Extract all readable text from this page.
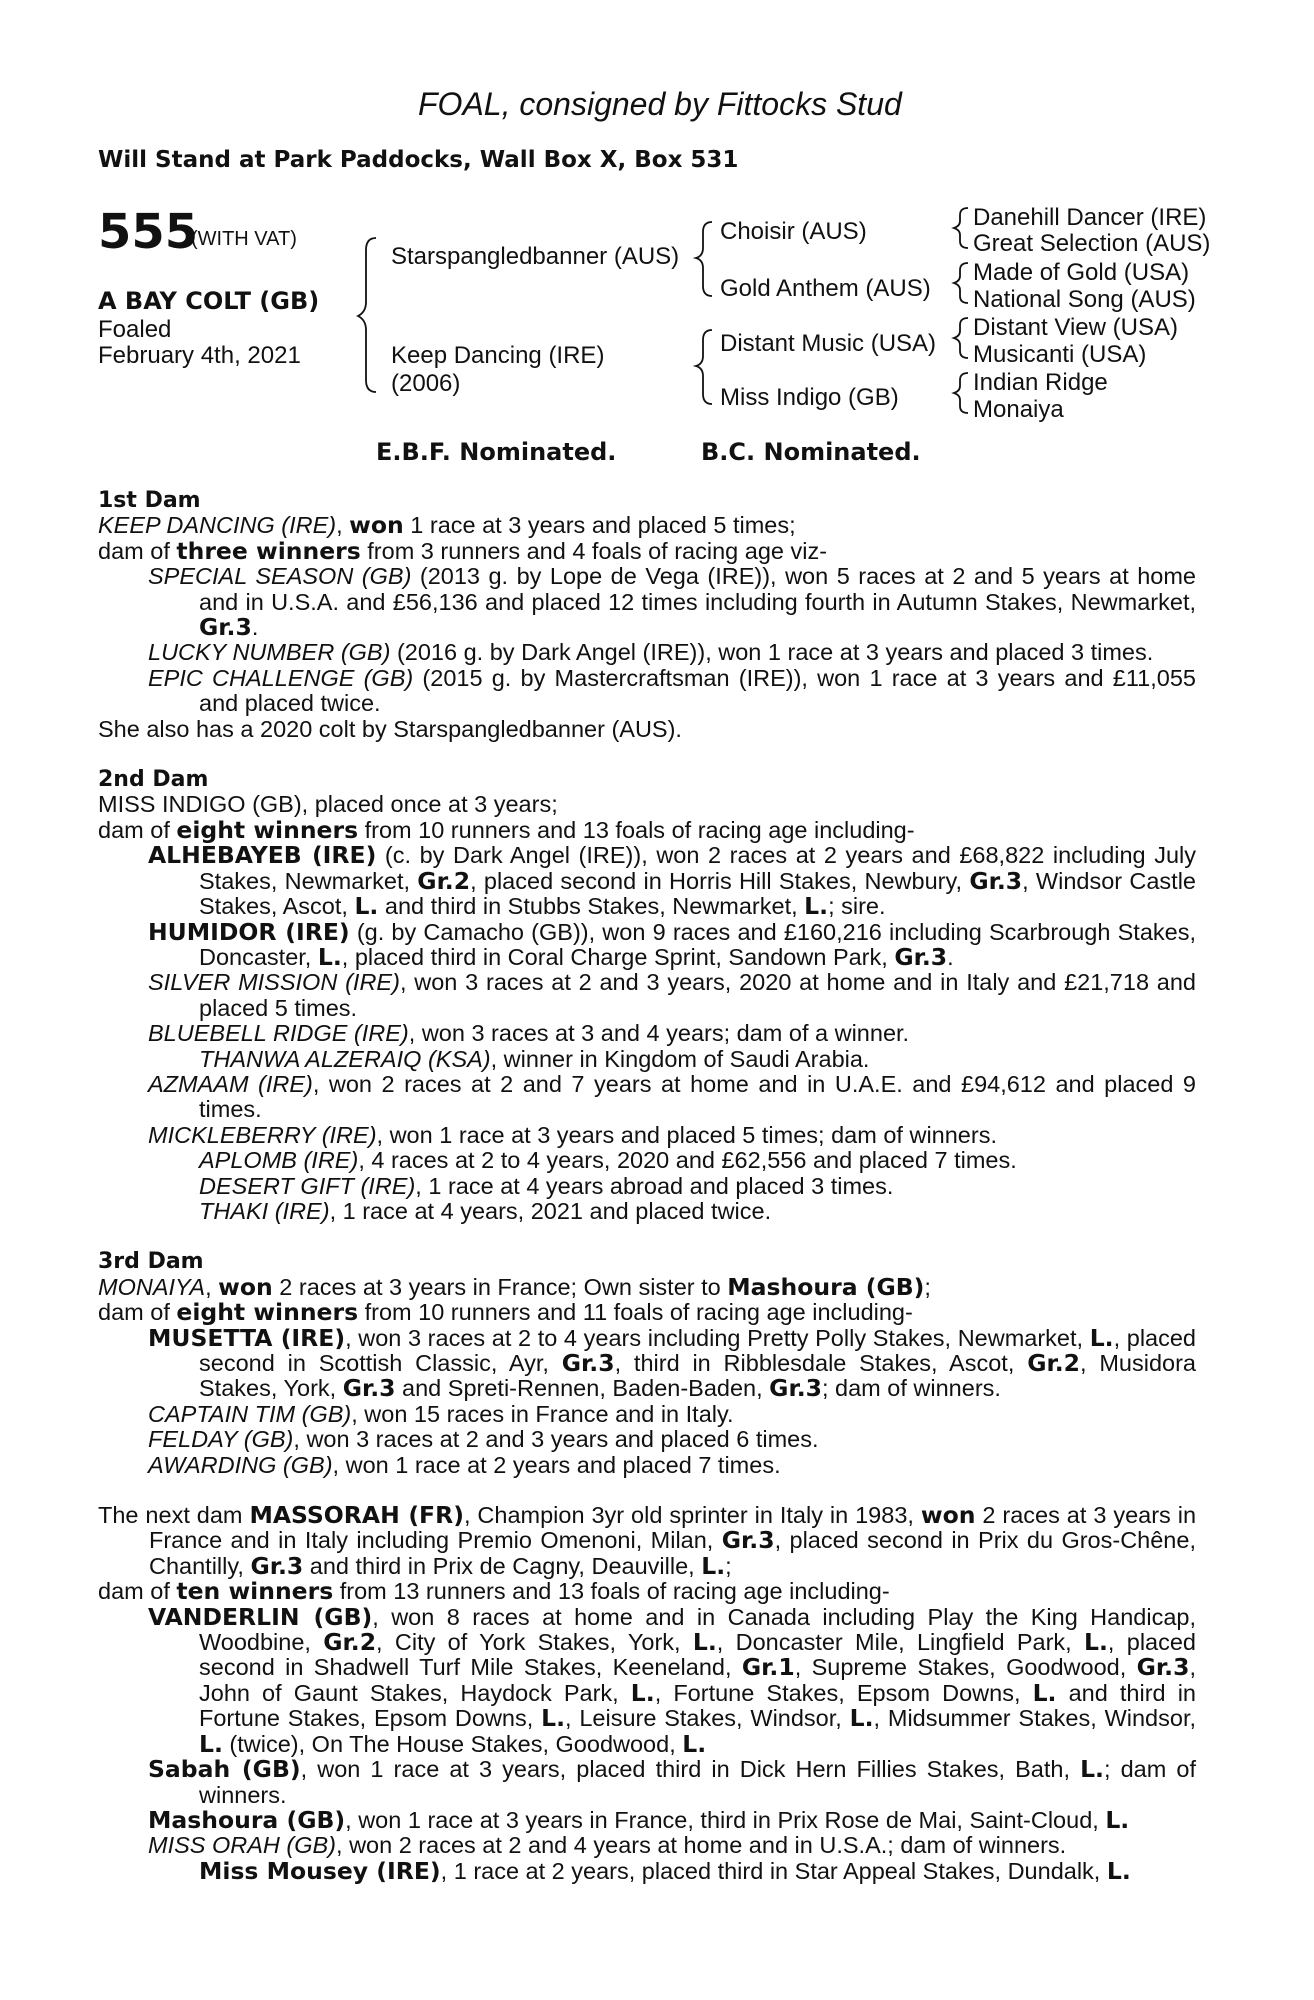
FOAL, consigned by Fittocks Stud
Will Stand at Park Paddocks, Wall Box X, Box 531
555
(WITH VAT)
A BAY COLT (GB)
Foaled
February 4th, 2021
Starspangledbanner (AUS)
Keep Dancing (IRE)
(2006)
Choisir (AUS)
Gold Anthem (AUS)
Distant Music (USA)
Miss Indigo (GB)
Danehill Dancer (IRE)
Great Selection (AUS)
Made of Gold (USA)
National Song (AUS)
Distant View (USA)
Musicanti (USA)
Indian Ridge
Monaiya
E.B.F. Nominated.	B.C. Nominated.

1st Dam

KEEP DANCING (IRE), won 1 race at 3 years and placed 5 times;

dam of three winners from 3 runners and 4 foals of racing age viz-

SPECIAL SEASON (GB) (2013 g. by Lope de Vega (IRE)), won 5 races at 2 and 5 years at home and in U.S.A. and £56,136 and placed 12 times including fourth in Autumn Stakes, Newmarket, Gr.3.

LUCKY NUMBER (GB) (2016 g. by Dark Angel (IRE)), won 1 race at 3 years and placed 3 times.

EPIC CHALLENGE (GB) (2015 g. by Mastercraftsman (IRE)), won 1 race at 3 years and £11,055 and placed twice.

She also has a 2020 colt by Starspangledbanner (AUS).

2nd Dam

MISS INDIGO (GB), placed once at 3 years;

dam of eight winners from 10 runners and 13 foals of racing age including-

ALHEBAYEB (IRE) (c. by Dark Angel (IRE)), won 2 races at 2 years and £68,822 including July Stakes, Newmarket, Gr.2, placed second in Horris Hill Stakes, Newbury, Gr.3, Windsor Castle Stakes, Ascot, L. and third in Stubbs Stakes, Newmarket, L.; sire.

HUMIDOR (IRE) (g. by Camacho (GB)), won 9 races and £160,216 including Scarbrough Stakes, Doncaster, L., placed third in Coral Charge Sprint, Sandown Park, Gr.3.

SILVER MISSION (IRE), won 3 races at 2 and 3 years, 2020 at home and in Italy and £21,718 and placed 5 times.

BLUEBELL RIDGE (IRE), won 3 races at 3 and 4 years; dam of a winner.

THANWA ALZERAIQ (KSA), winner in Kingdom of Saudi Arabia.

AZMAAM (IRE), won 2 races at 2 and 7 years at home and in U.A.E. and £94,612 and placed 9 times.

MICKLEBERRY (IRE), won 1 race at 3 years and placed 5 times; dam of winners.

APLOMB (IRE), 4 races at 2 to 4 years, 2020 and £62,556 and placed 7 times.

DESERT GIFT (IRE), 1 race at 4 years abroad and placed 3 times.

THAKI (IRE), 1 race at 4 years, 2021 and placed twice.

3rd Dam

MONAIYA, won 2 races at 3 years in France; Own sister to Mashoura (GB);

dam of eight winners from 10 runners and 11 foals of racing age including-

MUSETTA (IRE), won 3 races at 2 to 4 years including Pretty Polly Stakes, Newmarket, L., placed second in Scottish Classic, Ayr, Gr.3, third in Ribblesdale Stakes, Ascot, Gr.2, Musidora Stakes, York, Gr.3 and Spreti-Rennen, Baden-Baden, Gr.3; dam of winners.

CAPTAIN TIM (GB), won 15 races in France and in Italy.

FELDAY (GB), won 3 races at 2 and 3 years and placed 6 times.

AWARDING (GB), won 1 race at 2 years and placed 7 times.

The next dam MASSORAH (FR), Champion 3yr old sprinter in Italy in 1983, won 2 races at 3 years in France and in Italy including Premio Omenoni, Milan, Gr.3, placed second in Prix du Gros-Chêne, Chantilly, Gr.3 and third in Prix de Cagny, Deauville, L.;

dam of ten winners from 13 runners and 13 foals of racing age including-

VANDERLIN (GB), won 8 races at home and in Canada including Play the King Handicap, Woodbine, Gr.2, City of York Stakes, York, L., Doncaster Mile, Lingfield Park, L., placed second in Shadwell Turf Mile Stakes, Keeneland, Gr.1, Supreme Stakes, Goodwood, Gr.3, John of Gaunt Stakes, Haydock Park, L., Fortune Stakes, Epsom Downs, L. and third in Fortune Stakes, Epsom Downs, L., Leisure Stakes, Windsor, L., Midsummer Stakes, Windsor, L. (twice), On The House Stakes, Goodwood, L.

Sabah (GB), won 1 race at 3 years, placed third in Dick Hern Fillies Stakes, Bath, L.; dam of winners.

Mashoura (GB), won 1 race at 3 years in France, third in Prix Rose de Mai, Saint-Cloud, L.

MISS ORAH (GB), won 2 races at 2 and 4 years at home and in U.S.A.; dam of winners.

Miss Mousey (IRE), 1 race at 2 years, placed third in Star Appeal Stakes, Dundalk, L.
